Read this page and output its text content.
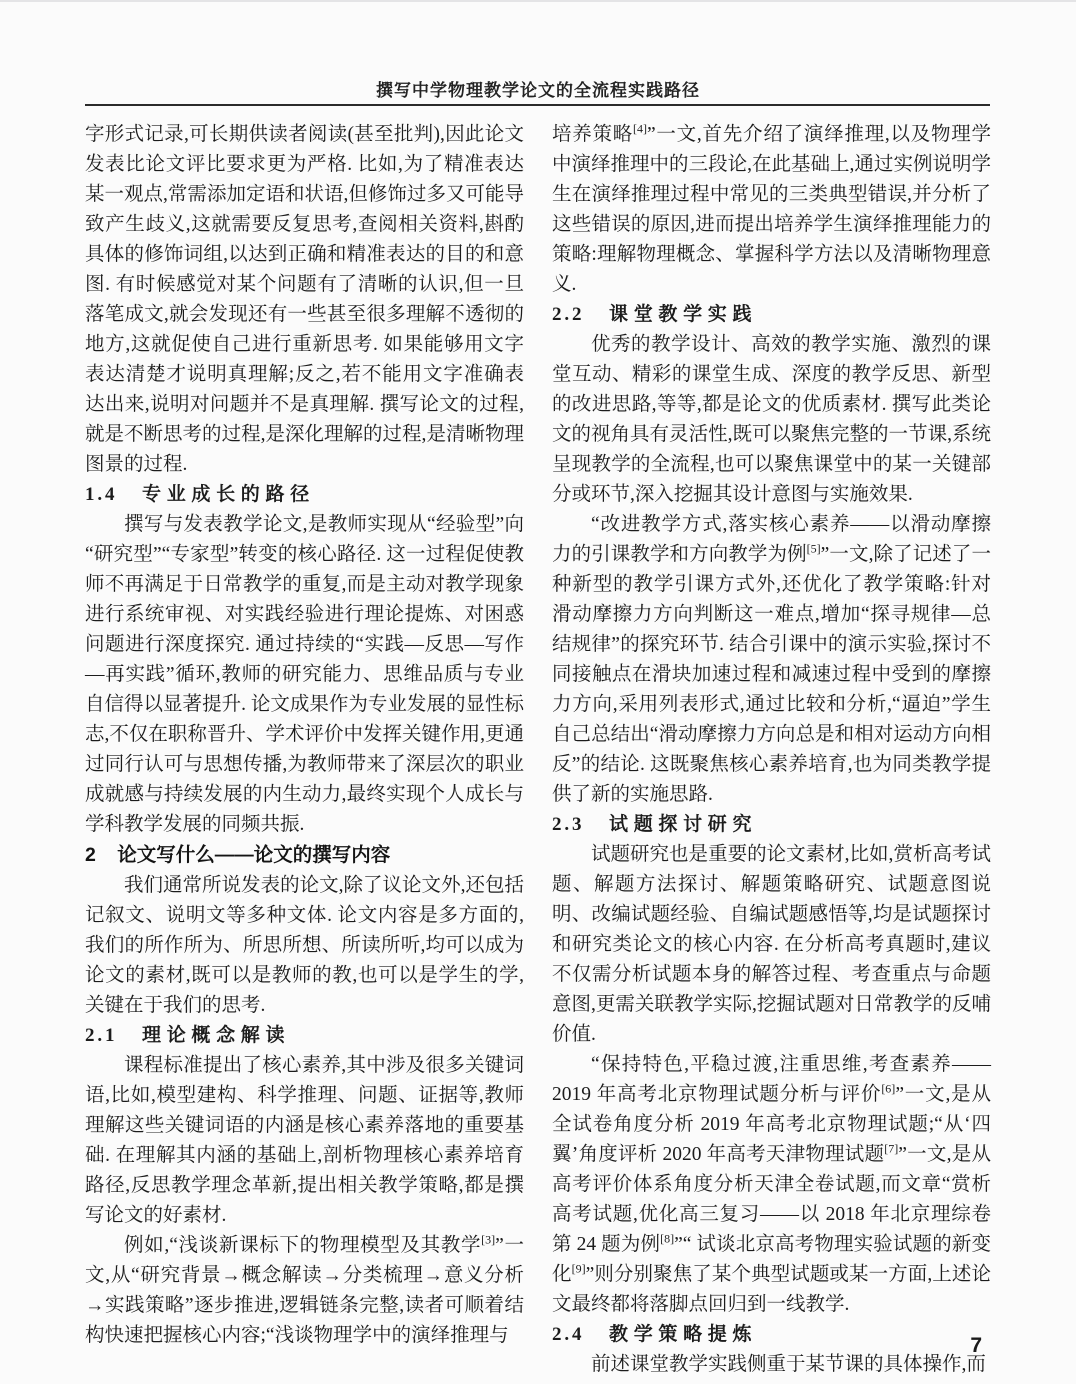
撰写中学物理教学论文的全流程实践路径

字形式记录,可长期供读者阅读(甚至批判),因此论文发表比论文评比要求更为严格. 比如,为了精准表达某一观点,常需添加定语和状语,但修饰过多又可能导致产生歧义,这就需要反复思考,查阅相关资料,斟酌具体的修饰词组,以达到正确和精准表达的目的和意图. 有时候感觉对某个问题有了清晰的认识,但一旦落笔成文,就会发现还有一些甚至很多理解不透彻的地方,这就促使自己进行重新思考. 如果能够用文字表达清楚才说明真理解;反之,若不能用文字准确表达出来,说明对问题并不是真理解. 撰写论文的过程,就是不断思考的过程,是深化理解的过程,是清晰物理图景的过程.

1.4 专业成长的路径

撰写与发表教学论文,是教师实现从“经验型”向“研究型”“专家型”转变的核心路径. 这一过程促使教师不再满足于日常教学的重复,而是主动对教学现象进行系统审视、对实践经验进行理论提炼、对困惑问题进行深度探究. 通过持续的“实践—反思—写作—再实践”循环,教师的研究能力、思维品质与专业自信得以显著提升. 论文成果作为专业发展的显性标志,不仅在职称晋升、学术评价中发挥关键作用,更通过同行认可与思想传播,为教师带来了深层次的职业成就感与持续发展的内生动力,最终实现个人成长与学科教学发展的同频共振.

2 论文写什么——论文的撰写内容

我们通常所说发表的论文,除了议论文外,还包括记叙文、说明文等多种文体. 论文内容是多方面的,我们的所作所为、所思所想、所读所听,均可以成为论文的素材,既可以是教师的教,也可以是学生的学,关键在于我们的思考.

2.1 理论概念解读

课程标准提出了核心素养,其中涉及很多关键词语,比如,模型建构、科学推理、问题、证据等,教师理解这些关键词语的内涵是核心素养落地的重要基础. 在理解其内涵的基础上,剖析物理核心素养培育路径,反思教学理念革新,提出相关教学策略,都是撰写论文的好素材.

例如,“浅谈新课标下的物理模型及其教学[3]”一文,从“研究背景→概念解读→分类梳理→意义分析→实践策略”逐步推进,逻辑链条完整,读者可顺着结构快速把握核心内容;“浅谈物理学中的演绎推理与

培养策略[4]”一文,首先介绍了演绎推理,以及物理学中演绎推理中的三段论,在此基础上,通过实例说明学生在演绎推理过程中常见的三类典型错误,并分析了这些错误的原因,进而提出培养学生演绎推理能力的策略:理解物理概念、掌握科学方法以及清晰物理意义.

2.2 课堂教学实践

优秀的教学设计、高效的教学实施、激烈的课堂互动、精彩的课堂生成、深度的教学反思、新型的改进思路,等等,都是论文的优质素材. 撰写此类论文的视角具有灵活性,既可以聚焦完整的一节课,系统呈现教学的全流程,也可以聚焦课堂中的某一关键部分或环节,深入挖掘其设计意图与实施效果.

“改进教学方式,落实核心素养——以滑动摩擦力的引课教学和方向教学为例[5]”一文,除了记述了一种新型的教学引课方式外,还优化了教学策略:针对滑动摩擦力方向判断这一难点,增加“探寻规律—总结规律”的探究环节. 结合引课中的演示实验,探讨不同接触点在滑块加速过程和减速过程中受到的摩擦力方向,采用列表形式,通过比较和分析,“逼迫”学生自己总结出“滑动摩擦力方向总是和相对运动方向相反”的结论. 这既聚焦核心素养培育,也为同类教学提供了新的实施思路.

2.3 试题探讨研究

试题研究也是重要的论文素材,比如,赏析高考试题、解题方法探讨、解题策略研究、试题意图说明、改编试题经验、自编试题感悟等,均是试题探讨和研究类论文的核心内容. 在分析高考真题时,建议不仅需分析试题本身的解答过程、考查重点与命题意图,更需关联教学实际,挖掘试题对日常教学的反哺价值.

“保持特色,平稳过渡,注重思维,考查素养——2019 年高考北京物理试题分析与评价[6]”一文,是从全试卷角度分析 2019 年高考北京物理试题;“从‘四翼’角度评析 2020 年高考天津物理试题[7]”一文,是从高考评价体系角度分析天津全卷试题,而文章“赏析高考试题,优化高三复习——以 2018 年北京理综卷第 24 题为例[8]”“ 试谈北京高考物理实验试题的新变化[9]”则分别聚焦了某个典型试题或某一方面,上述论文最终都将落脚点回归到一线教学.

2.4 教学策略提炼

前述课堂教学实践侧重于某节课的具体操作,而

7
